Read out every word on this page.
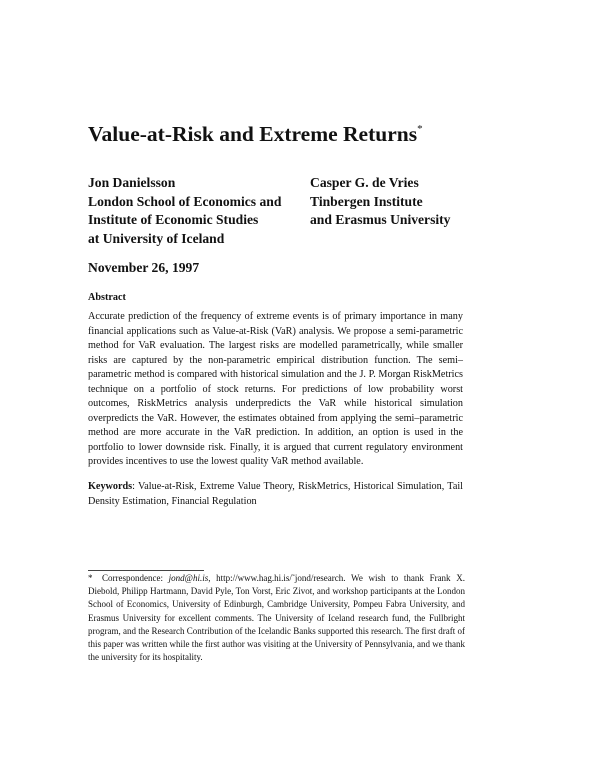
Value-at-Risk and Extreme Returns*
Jon Danielsson
London School of Economics and
Institute of Economic Studies
at University of Iceland
Casper G. de Vries
Tinbergen Institute
and Erasmus University
November 26, 1997
Abstract
Accurate prediction of the frequency of extreme events is of primary importance in many financial applications such as Value-at-Risk (VaR) analysis. We propose a semi-parametric method for VaR evaluation. The largest risks are modelled parametrically, while smaller risks are captured by the non-parametric empirical distribution function. The semi–parametric method is compared with historical simulation and the J. P. Morgan RiskMetrics technique on a portfolio of stock returns. For predictions of low probability worst outcomes, RiskMetrics analysis underpredicts the VaR while historical simulation overpredicts the VaR. However, the estimates obtained from applying the semi–parametric method are more accurate in the VaR prediction. In addition, an option is used in the portfolio to lower downside risk. Finally, it is argued that current regulatory environment provides incentives to use the lowest quality VaR method available.
Keywords: Value-at-Risk, Extreme Value Theory, RiskMetrics, Historical Simulation, Tail Density Estimation, Financial Regulation
* Correspondence: jond@hi.is, http://www.hag.hi.is/˜jond/research. We wish to thank Frank X. Diebold, Philipp Hartmann, David Pyle, Ton Vorst, Eric Zivot, and workshop participants at the London School of Economics, University of Edinburgh, Cambridge University, Pompeu Fabra University, and Erasmus University for excellent comments. The University of Iceland research fund, the Fullbright program, and the Research Contribution of the Icelandic Banks supported this research. The first draft of this paper was written while the first author was visiting at the University of Pennsylvania, and we thank the university for its hospitality.
